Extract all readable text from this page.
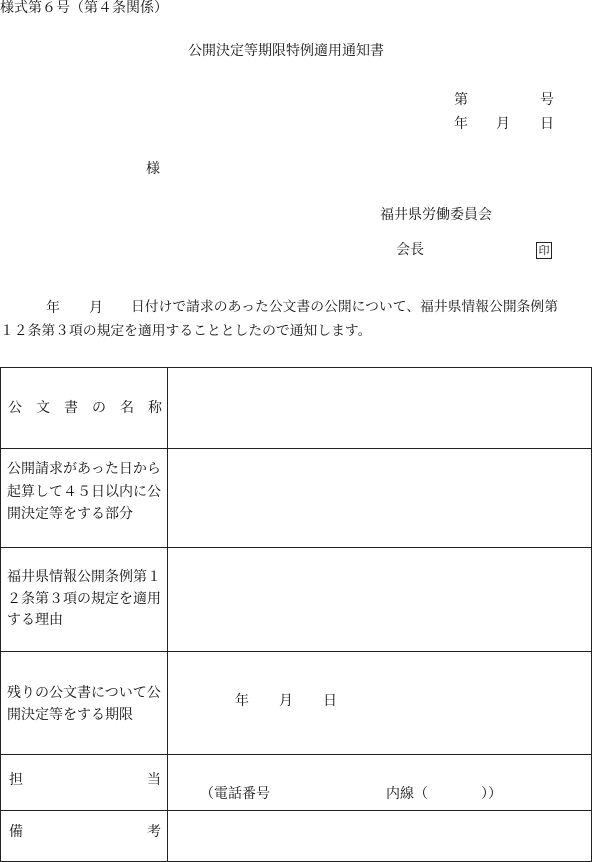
様式第６号（第４条関係）
公開決定等期限特例適用通知書
第	号
年 月 日
様
福井県労働委員会
会長	印
年 月 日付けで請求のあった公文書の公開について、福井県情報公開条例第
１２条第３項の規定を適用することとしたので通知します。
公　文　書　の　名　称	

公開請求があった日から起算して４５日以内に公開決定等をする部分	

福井県情報公開条例第１２条第３項の規定を適用する理由	

残りの公文書について公開決定等をする期限	年 月 日

担 当	（電話番号 内線（ ））

備 考	
